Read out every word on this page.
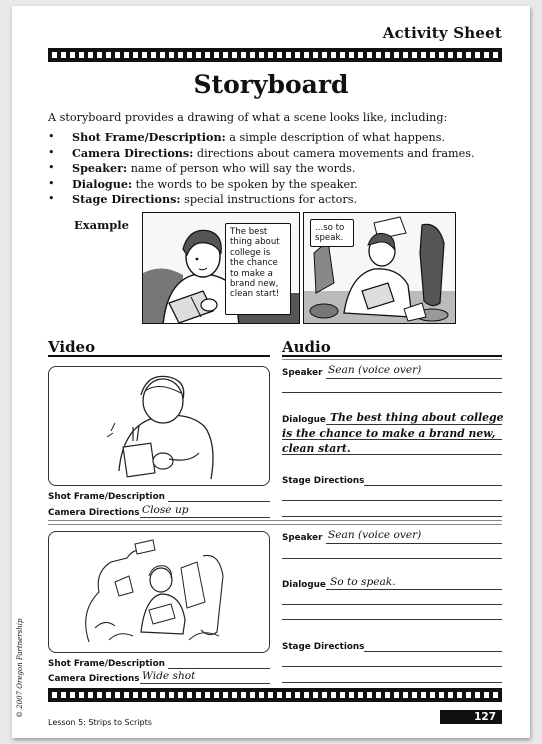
Activity Sheet
Storyboard
A storyboard provides a drawing of what a scene looks like, including:
• Shot Frame/Description: a simple description of what happens.
• Camera Directions: directions about camera movements and frames.
• Speaker: name of person who will say the words.
• Dialogue: the words to be spoken by the speaker.
• Stage Directions: special instructions for actors.
Example	The best thing about college is the chance to make a brand new, clean start!
...so to speak.
Video	Audio
Shot Frame/Description
Camera Directions Close up
Speaker Sean (voice over)
Dialogue The best thing about college is the chance to make a brand new, clean start.
Stage Directions
Shot Frame/Description
Camera Directions Wide shot
Speaker Sean (voice over)
Dialogue So to speak.
Stage Directions
Lesson 5: Strips to Scripts	127
© 2007 Oregon Partnership
